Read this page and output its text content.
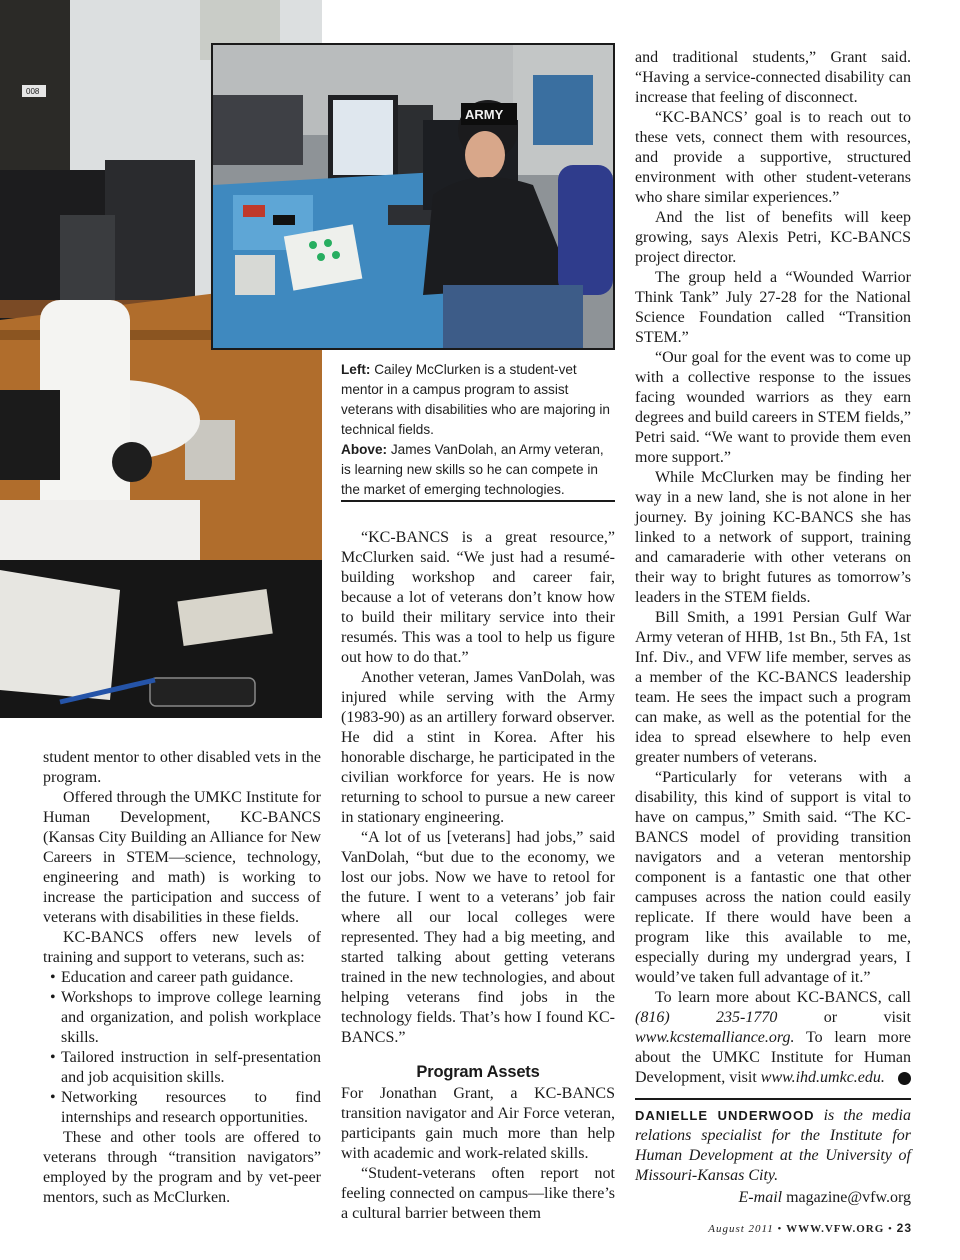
008
ARMY
Left: Cailey McClurken is a student-vet mentor in a campus program to assist veterans with disabilities who are majoring in technical fields.
Above: James VanDolah, an Army veteran, is learning new skills so he can compete in the market of emerging technologies.

student mentor to other disabled vets in the program.

Offered through the UMKC Institute for Human Development, KC-BANCS (Kansas City Building an Alliance for New Careers in STEM—science, technology, engineering and math) is working to increase the participation and success of veterans with disabilities in these fields.

KC-BANCS offers new levels of training and support to veterans, such as:

• Education and career path guidance.
• Workshops to improve college learning and organization, and polish workplace skills.
• Tailored instruction in self-presentation and job acquisition skills.
• Networking resources to find internships and research opportunities.

These and other tools are offered to veterans through “transition navigators” employed by the program and by vet-peer mentors, such as McClurken.

“KC-BANCS is a great resource,” McClurken said. “We just had a resumé-building workshop and career fair, because a lot of veterans don’t know how to build their military service into their resumés. This was a tool to help us figure out how to do that.”

Another veteran, James VanDolah, was injured while serving with the Army (1983-90) as an artillery forward observer. He did a stint in Korea. After his honorable discharge, he participated in the civilian workforce for years. He is now returning to school to pursue a new career in stationary engineering.

“A lot of us [veterans] had jobs,” said VanDolah, “but due to the economy, we lost our jobs. Now we have to retool for the future. I went to a veterans’ job fair where all our local colleges were represented. They had a big meeting, and started talking about getting veterans trained in the new technologies, and about helping veterans find jobs in the technology fields. That’s how I found KC-BANCS.”

Program Assets

For Jonathan Grant, a KC-BANCS transition navigator and Air Force veteran, participants gain much more than help with academic and work-related skills.

“Student-veterans often report not feeling connected on campus—like there’s a cultural barrier between them

and traditional students,” Grant said. “Having a service-connected disability can increase that feeling of disconnect.

“KC-BANCS’ goal is to reach out to these vets, connect them with resources, and provide a supportive, structured environment with other student-veterans who share similar experiences.”

And the list of benefits will keep growing, says Alexis Petri, KC-BANCS project director.

The group held a “Wounded Warrior Think Tank” July 27-28 for the National Science Foundation called “Transition STEM.”

“Our goal for the event was to come up with a collective response to the issues facing wounded warriors as they earn degrees and build careers in STEM fields,” Petri said. “We want to provide them even more support.”

While McClurken may be finding her way in a new land, she is not alone in her journey. By joining KC-BANCS she has linked to a network of support, training and camaraderie with other veterans on their way to bright futures as tomorrow’s leaders in the STEM fields.

Bill Smith, a 1991 Persian Gulf War Army veteran of HHB, 1st Bn., 5th FA, 1st Inf. Div., and VFW life member, serves as a member of the KC-BANCS leadership team. He sees the impact such a program can make, as well as the potential for the idea to spread elsewhere to help even greater numbers of veterans.

“Particularly for veterans with a disability, this kind of support is vital to have on campus,” Smith said. “The KC-BANCS model of providing transition navigators and a veteran mentorship component is a fantastic one that other campuses across the nation could easily replicate. If there would have been a program like this available to me, especially during my undergrad years, I would’ve taken full advantage of it.”

To learn more about KC-BANCS, call (816) 235-1770 or visit www.kcstemalliance.org. To learn more about the UMKC Institute for Human Development, visit www.ihd.umkc.edu.	✪

DANIELLE UNDERWOOD is the media relations specialist for the Institute for Human Development at the University of Missouri-Kansas City.
E-mail magazine@vfw.org
August 2011 • WWW.VFW.ORG • 23
